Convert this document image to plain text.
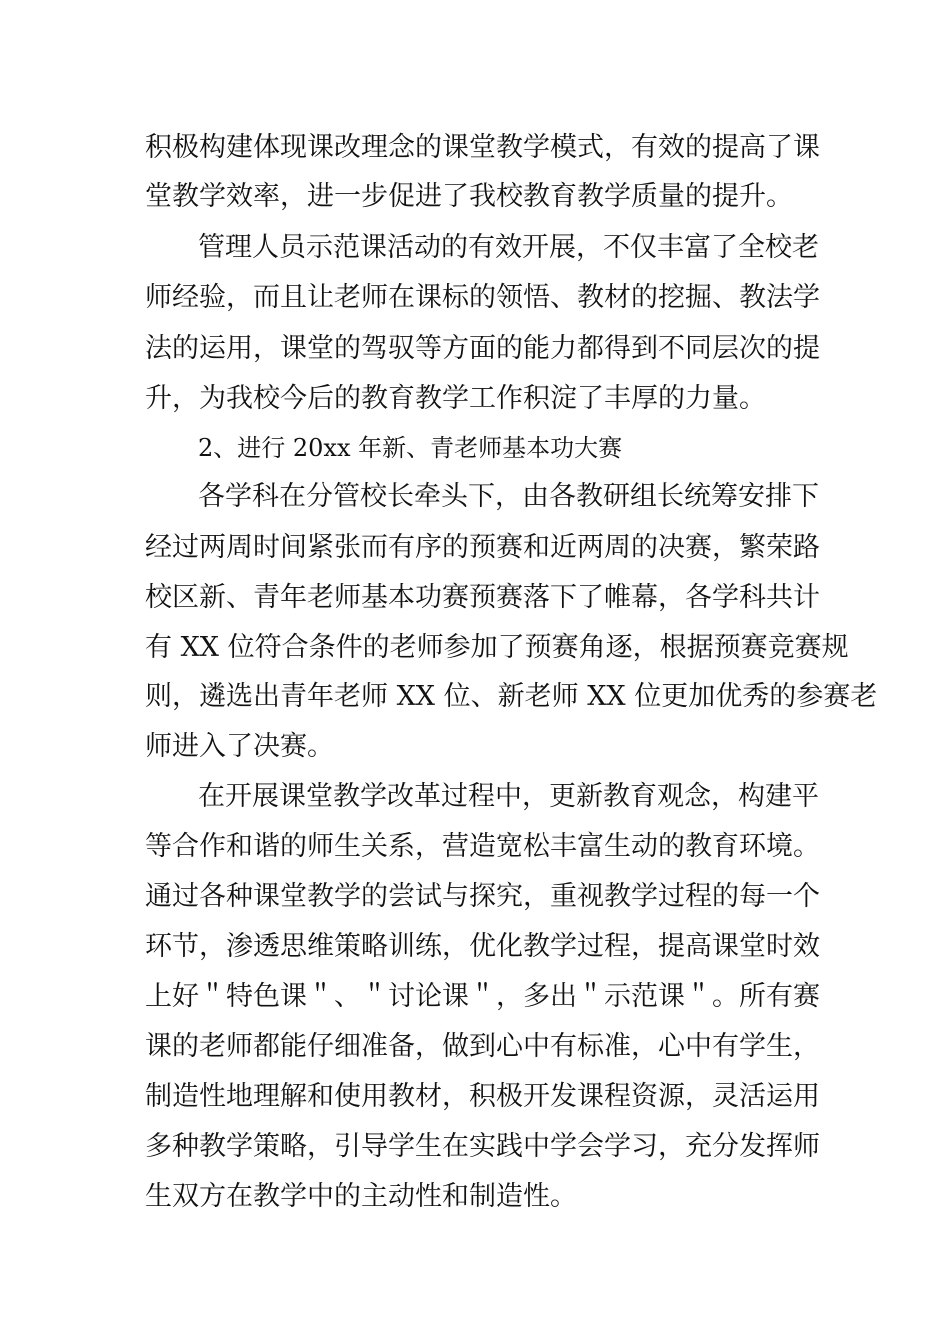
积极构建体现课改理念的课堂教学模式，有效的提高了课
堂教学效率，进一步促进了我校教育教学质量的提升。
管理人员示范课活动的有效开展，不仅丰富了全校老
师经验，而且让老师在课标的领悟、教材的挖掘、教法学
法的运用，课堂的驾驭等方面的能力都得到不同层次的提
升，为我校今后的教育教学工作积淀了丰厚的力量。
2、进行 20xx 年新、青老师基本功大赛
各学科在分管校长牵头下，由各教研组长统筹安排下
经过两周时间紧张而有序的预赛和近两周的决赛，繁荣路
校区新、青年老师基本功赛预赛落下了帷幕，各学科共计
有 XX 位符合条件的老师参加了预赛角逐，根据预赛竞赛规
则，遴选出青年老师 XX 位、新老师 XX 位更加优秀的参赛老
师进入了决赛。
在开展课堂教学改革过程中，更新教育观念，构建平
等合作和谐的师生关系，营造宽松丰富生动的教育环境。
通过各种课堂教学的尝试与探究，重视教学过程的每一个
环节，渗透思维策略训练，优化教学过程，提高课堂时效
上好＂特色课＂、＂讨论课＂，多出＂示范课＂。所有赛
课的老师都能仔细准备，做到心中有标准，心中有学生，
制造性地理解和使用教材，积极开发课程资源，灵活运用
多种教学策略，引导学生在实践中学会学习，充分发挥师
生双方在教学中的主动性和制造性。
